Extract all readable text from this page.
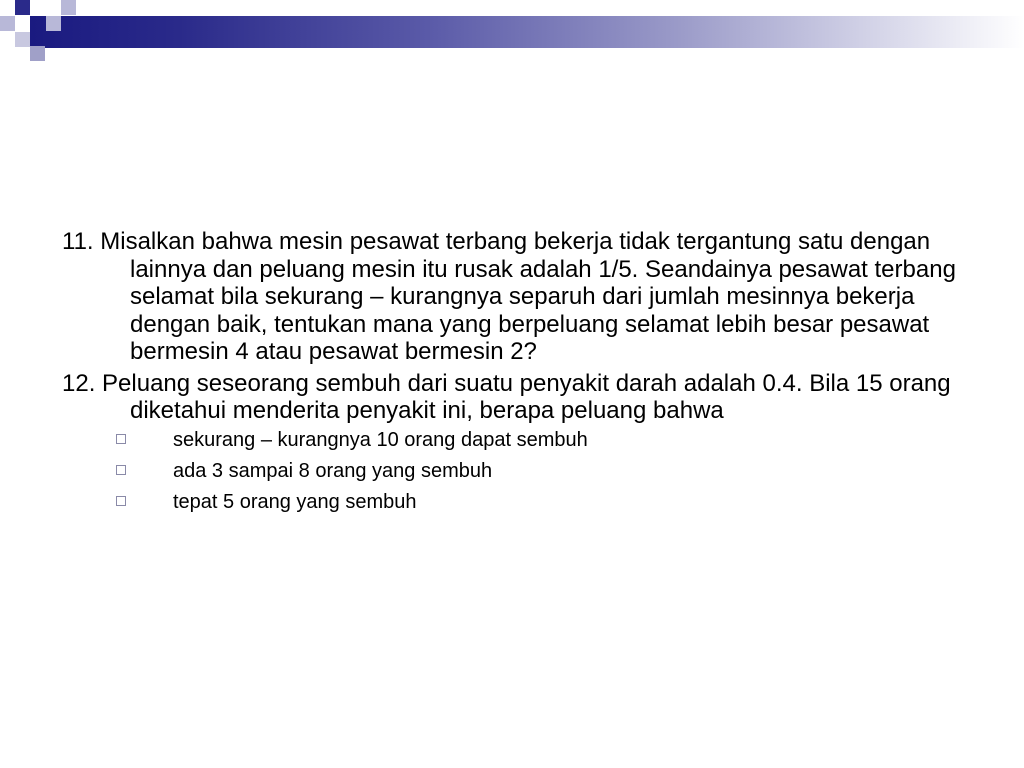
11. Misalkan bahwa mesin pesawat terbang bekerja tidak tergantung satu dengan lainnya dan peluang mesin itu rusak adalah 1/5. Seandainya pesawat terbang selamat bila sekurang – kurangnya separuh dari jumlah mesinnya bekerja dengan baik, tentukan mana yang berpeluang selamat lebih besar pesawat bermesin 4 atau pesawat bermesin 2?

12. Peluang seseorang sembuh dari suatu penyakit darah adalah 0.4. Bila 15 orang diketahui menderita penyakit ini, berapa peluang bahwa

sekurang – kurangnya 10 orang dapat sembuh
ada 3 sampai 8 orang yang sembuh
tepat 5 orang yang sembuh
